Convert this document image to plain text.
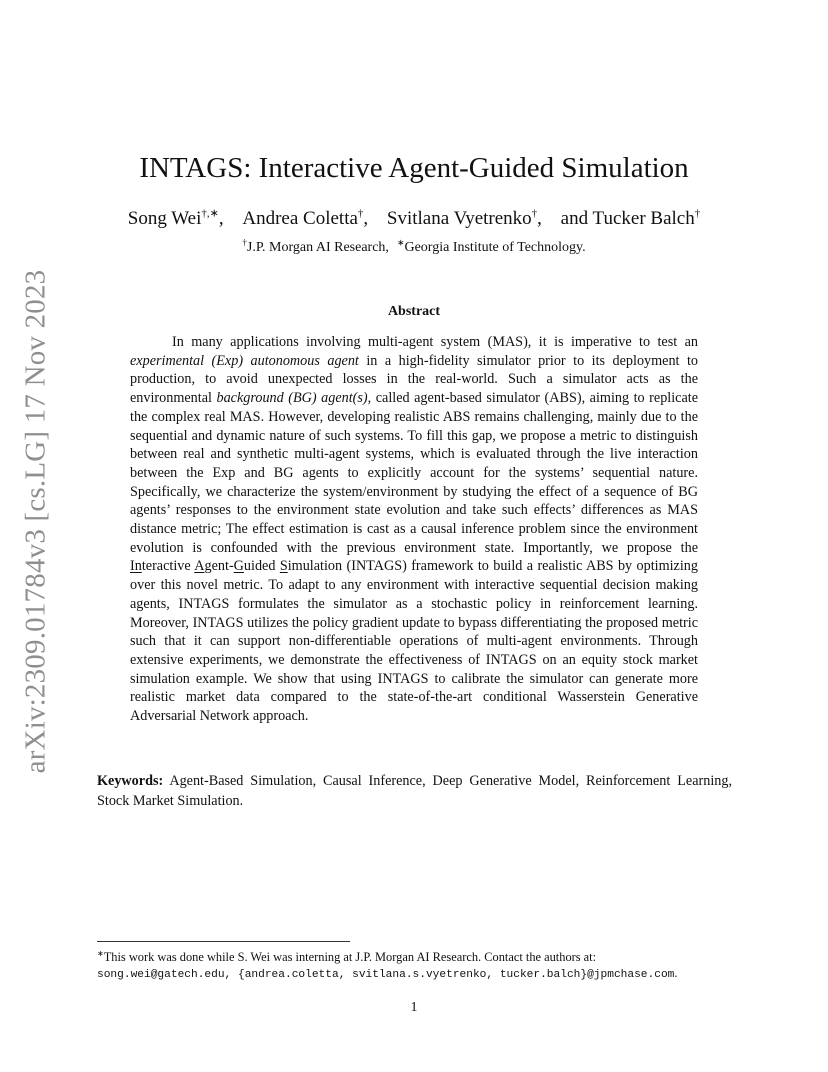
arXiv:2309.01784v3 [cs.LG] 17 Nov 2023
INTAGS: Interactive Agent-Guided Simulation
Song Wei†,∗, Andrea Coletta†, Svitlana Vyetrenko†, and Tucker Balch†
†J.P. Morgan AI Research, ∗Georgia Institute of Technology.
Abstract

In many applications involving multi-agent system (MAS), it is imperative to test an experimental (Exp) autonomous agent in a high-fidelity simulator prior to its deployment to production, to avoid unexpected losses in the real-world. Such a simulator acts as the environmental background (BG) agent(s), called agent-based simulator (ABS), aiming to replicate the complex real MAS. However, developing realistic ABS remains challenging, mainly due to the sequential and dynamic nature of such systems. To fill this gap, we propose a metric to distinguish between real and synthetic multi-agent systems, which is evaluated through the live interaction between the Exp and BG agents to explicitly account for the systems’ sequential nature. Specifically, we characterize the system/environment by studying the effect of a sequence of BG agents’ responses to the environment state evolution and take such effects’ differences as MAS distance metric; The effect estimation is cast as a causal inference problem since the environment evolution is confounded with the previous environment state. Importantly, we propose the Interactive Agent-Guided Simulation (INTAGS) framework to build a realistic ABS by optimizing over this novel metric. To adapt to any environment with interactive sequential decision making agents, INTAGS formulates the simulator as a stochastic policy in reinforcement learning. Moreover, INTAGS utilizes the policy gradient update to bypass differentiating the proposed metric such that it can support non-differentiable operations of multi-agent environments. Through extensive experiments, we demonstrate the effectiveness of INTAGS on an equity stock market simulation example. We show that using INTAGS to calibrate the simulator can generate more realistic market data compared to the state-of-the-art conditional Wasserstein Generative Adversarial Network approach.

Keywords: Agent-Based Simulation, Causal Inference, Deep Generative Model, Reinforcement Learning, Stock Market Simulation.

∗This work was done while S. Wei was interning at J.P. Morgan AI Research. Contact the authors at:
song.wei@gatech.edu, {andrea.coletta, svitlana.s.vyetrenko, tucker.balch}@jpmchase.com.

1
